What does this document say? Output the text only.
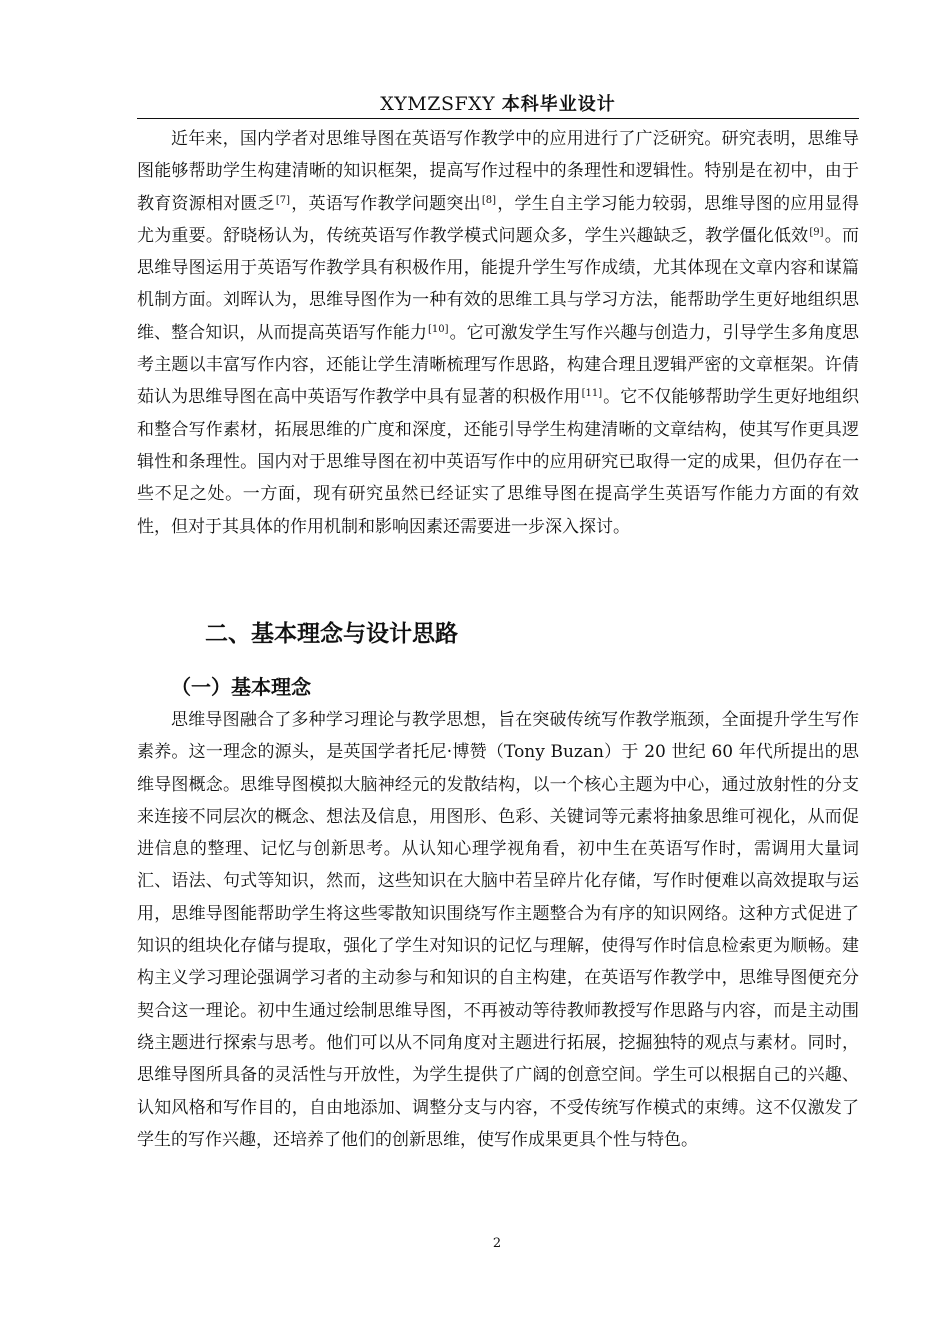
XYMZSFXY 本科毕业设计

近年来，国内学者对思维导图在英语写作教学中的应用进行了广泛研究。研究表明，思维导图能够帮助学生构建清晰的知识框架，提高写作过程中的条理性和逻辑性。特别是在初中，由于教育资源相对匮乏[7]，英语写作教学问题突出[8]，学生自主学习能力较弱，思维导图的应用显得尤为重要。舒晓杨认为，传统英语写作教学模式问题众多，学生兴趣缺乏，教学僵化低效[9]。而思维导图运用于英语写作教学具有积极作用，能提升学生写作成绩，尤其体现在文章内容和谋篇机制方面。刘晖认为，思维导图作为一种有效的思维工具与学习方法，能帮助学生更好地组织思维、整合知识，从而提高英语写作能力[10]。它可激发学生写作兴趣与创造力，引导学生多角度思考主题以丰富写作内容，还能让学生清晰梳理写作思路，构建合理且逻辑严密的文章框架。许倩茹认为思维导图在高中英语写作教学中具有显著的积极作用[11]。它不仅能够帮助学生更好地组织和整合写作素材，拓展思维的广度和深度，还能引导学生构建清晰的文章结构，使其写作更具逻辑性和条理性。国内对于思维导图在初中英语写作中的应用研究已取得一定的成果，但仍存在一些不足之处。一方面，现有研究虽然已经证实了思维导图在提高学生英语写作能力方面的有效性，但对于其具体的作用机制和影响因素还需要进一步深入探讨。

二、基本理念与设计思路
（一）基本理念

思维导图融合了多种学习理论与教学思想，旨在突破传统写作教学瓶颈，全面提升学生写作素养。这一理念的源头，是英国学者托尼·博赞（Tony Buzan）于 20 世纪 60 年代所提出的思维导图概念。思维导图模拟大脑神经元的发散结构，以一个核心主题为中心，通过放射性的分支来连接不同层次的概念、想法及信息，用图形、色彩、关键词等元素将抽象思维可视化，从而促进信息的整理、记忆与创新思考。从认知心理学视角看，初中生在英语写作时，需调用大量词汇、语法、句式等知识，然而，这些知识在大脑中若呈碎片化存储，写作时便难以高效提取与运用，思维导图能帮助学生将这些零散知识围绕写作主题整合为有序的知识网络。这种方式促进了知识的组块化存储与提取，强化了学生对知识的记忆与理解，使得写作时信息检索更为顺畅。建构主义学习理论强调学习者的主动参与和知识的自主构建，在英语写作教学中，思维导图便充分契合这一理论。初中生通过绘制思维导图，不再被动等待教师教授写作思路与内容，而是主动围绕主题进行探索与思考。他们可以从不同角度对主题进行拓展，挖掘独特的观点与素材。同时，思维导图所具备的灵活性与开放性，为学生提供了广阔的创意空间。学生可以根据自己的兴趣、认知风格和写作目的，自由地添加、调整分支与内容，不受传统写作模式的束缚。这不仅激发了学生的写作兴趣，还培养了他们的创新思维，使写作成果更具个性与特色。

2
